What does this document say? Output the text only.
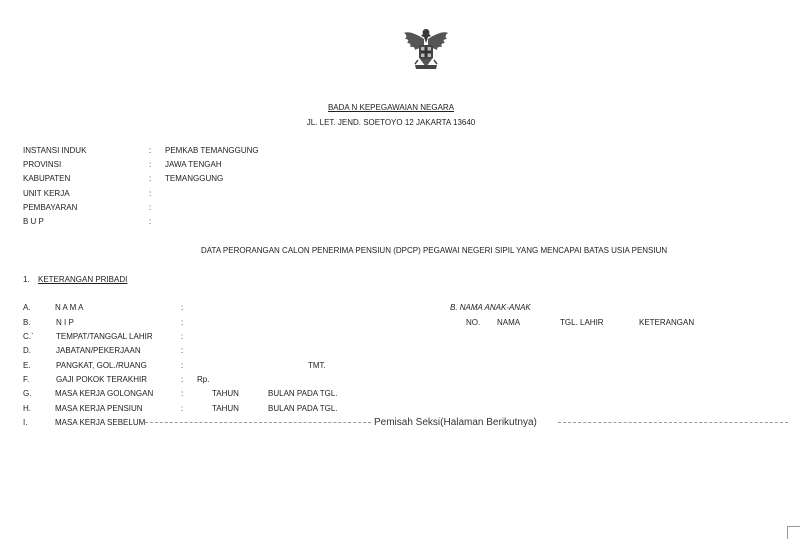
BADA N KEPEGAWAIAN NEGARA
JL. LET. JEND. SOETOYO 12 JAKARTA 13640
INSTANSI INDUK	: PEMKAB TEMANGGUNG
PROVINSI	: JAWA TENGAH
KABUPATEN	: TEMANGGUNG
UNIT KERJA	:
PEMBAYARAN	:
B U P	:
DATA PERORANGAN CALON PENERIMA PENSIUN (DPCP) PEGAWAI NEGERI SIPIL YANG MENCAPAI BATAS USIA PENSIUN
1. KETERANGAN PRIBADI
A.	N A M A	:
B.	N I P	:
C.`	TEMPAT/TANGGAL LAHIR	:
D.	JABATAN/PEKERJAAN	:
E.	PANGKAT, GOL./RUANG	:	TMT.
F.	GAJI POKOK TERAKHIR	: Rp.
G.	MASA KERJA GOLONGAN	:	TAHUN	BULAN PADA TGL.
H.	MASA KERJA PENSIUN	:	TAHUN	BULAN PADA TGL.
I.	MASA KERJA SEBELUM
B. NAMA ANAK-ANAK
NO. NAMA	TGL. LAHIR	KETERANGAN
Pemisah Seksi(Halaman Berikutnya)
